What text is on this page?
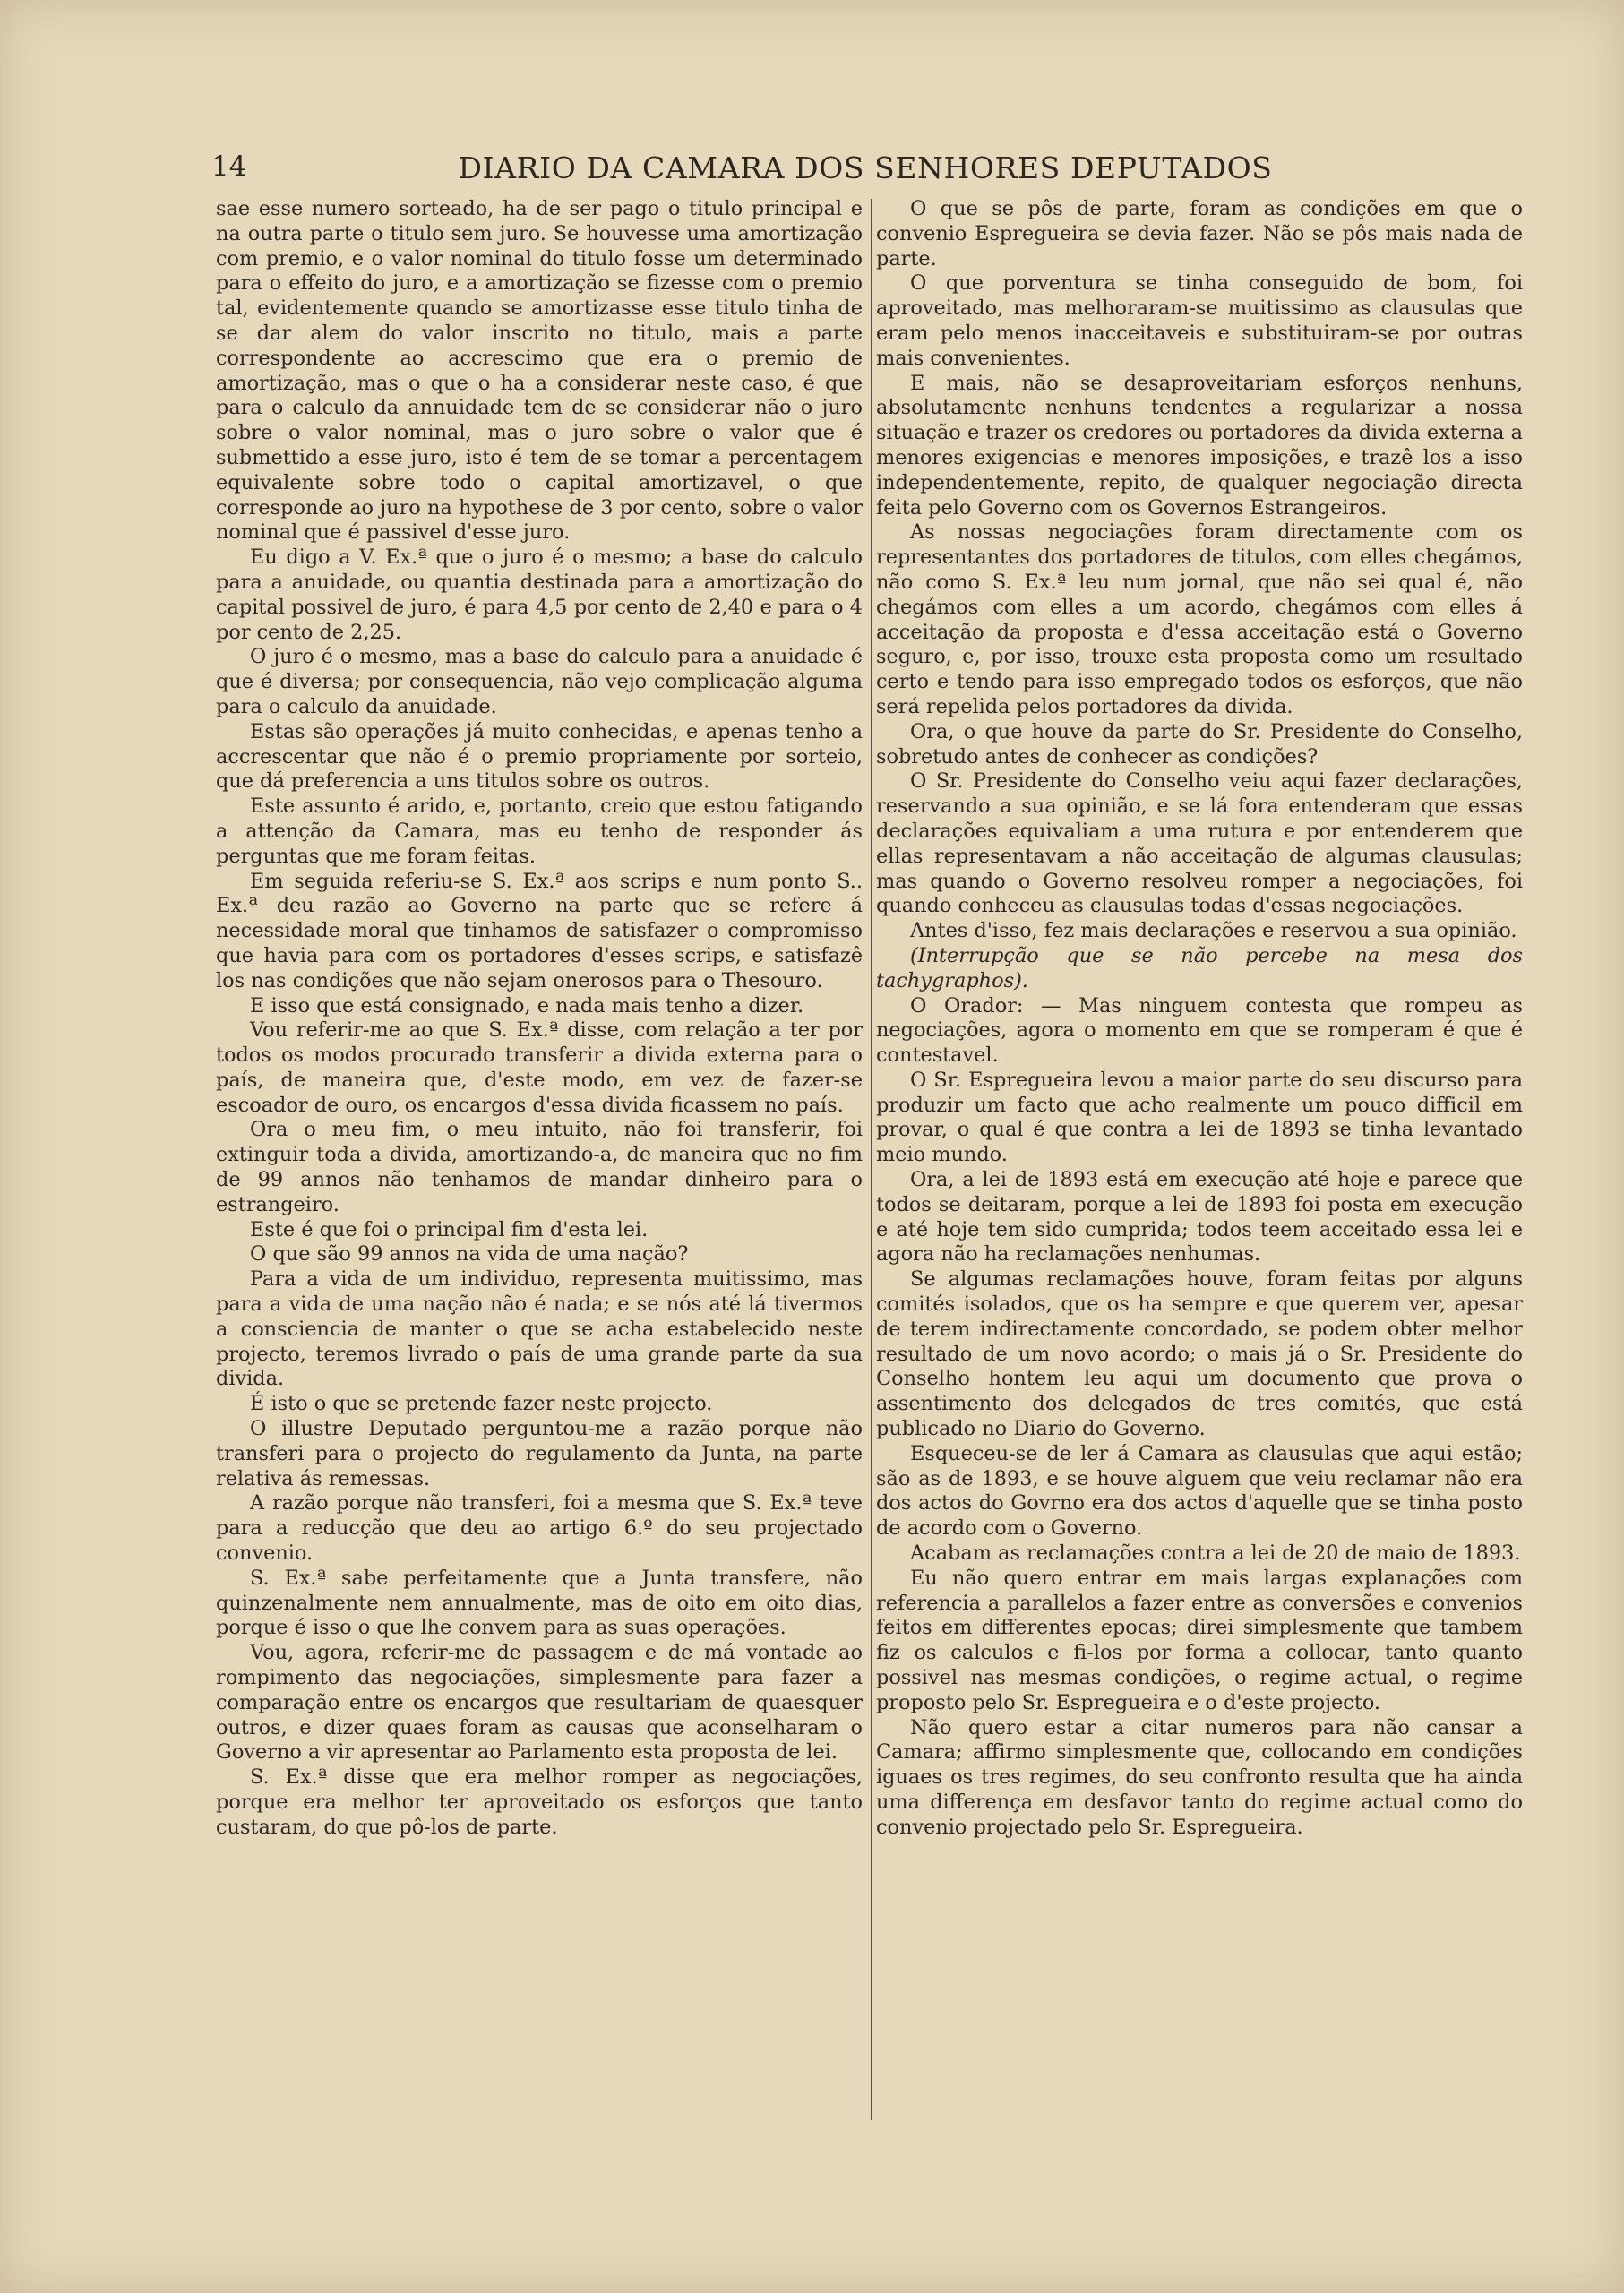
14	DIARIO DA CAMARA DOS SENHORES DEPUTADOS

sae esse numero sorteado, ha de ser pago o titulo principal e na outra parte o titulo sem juro. Se houvesse uma amortização com premio, e o valor nominal do titulo fosse um determinado para o effeito do juro, e a amortização se fizesse com o premio tal, evidentemente quando se amortizasse esse titulo tinha de se dar alem do valor inscrito no titulo, mais a parte correspondente ao accrescimo que era o premio de amortização, mas o que o ha a considerar neste caso, é que para o calculo da annuidade tem de se considerar não o juro sobre o valor nominal, mas o juro sobre o valor que é submettido a esse juro, isto é tem de se tomar a percentagem equivalente sobre todo o capital amortizavel, o que corresponde ao juro na hypothese de 3 por cento, sobre o valor nominal que é passivel d'esse juro.

Eu digo a V. Ex.ª que o juro é o mesmo; a base do calculo para a anuidade, ou quantia destinada para a amortização do capital possivel de juro, é para 4,5 por cento de 2,40 e para o 4 por cento de 2,25.

O juro é o mesmo, mas a base do calculo para a anuidade é que é diversa; por consequencia, não vejo complicação alguma para o calculo da anuidade.

Estas são operações já muito conhecidas, e apenas tenho a accrescentar que não é o premio propriamente por sorteio, que dá preferencia a uns titulos sobre os outros.

Este assunto é arido, e, portanto, creio que estou fatigando a attenção da Camara, mas eu tenho de responder ás perguntas que me foram feitas.

Em seguida referiu-se S. Ex.ª aos scrips e num ponto S.. Ex.ª deu razão ao Governo na parte que se refere á necessidade moral que tinhamos de satisfazer o compromisso que havia para com os portadores d'esses scrips, e satisfazê los nas condições que não sejam onerosos para o Thesouro.

E isso que está consignado, e nada mais tenho a dizer.

Vou referir-me ao que S. Ex.ª disse, com relação a ter por todos os modos procurado transferir a divida externa para o país, de maneira que, d'este modo, em vez de fazer-se escoador de ouro, os encargos d'essa divida ficassem no país.

Ora o meu fim, o meu intuito, não foi transferir, foi extinguir toda a divida, amortizando-a, de maneira que no fim de 99 annos não tenhamos de mandar dinheiro para o estrangeiro.

Este é que foi o principal fim d'esta lei.

O que são 99 annos na vida de uma nação?

Para a vida de um individuo, representa muitissimo, mas para a vida de uma nação não é nada; e se nós até lá tivermos a consciencia de manter o que se acha estabelecido neste projecto, teremos livrado o país de uma grande parte da sua divida.

É isto o que se pretende fazer neste projecto.

O illustre Deputado perguntou-me a razão porque não transferi para o projecto do regulamento da Junta, na parte relativa ás remessas.

A razão porque não transferi, foi a mesma que S. Ex.ª teve para a reducção que deu ao artigo 6.º do seu projectado convenio.

S. Ex.ª sabe perfeitamente que a Junta transfere, não quinzenalmente nem annualmente, mas de oito em oito dias, porque é isso o que lhe convem para as suas operações.

Vou, agora, referir-me de passagem e de má vontade ao rompimento das negociações, simplesmente para fazer a comparação entre os encargos que resultariam de quaesquer outros, e dizer quaes foram as causas que aconselharam o Governo a vir apresentar ao Parlamento esta proposta de lei.

S. Ex.ª disse que era melhor romper as negociações, porque era melhor ter aproveitado os esforços que tanto custaram, do que pô-los de parte.

O que se pôs de parte, foram as condições em que o convenio Espregueira se devia fazer. Não se pôs mais nada de parte.

O que porventura se tinha conseguido de bom, foi aproveitado, mas melhoraram-se muitissimo as clausulas que eram pelo menos inacceitaveis e substituiram-se por outras mais convenientes.

E mais, não se desaproveitariam esforços nenhuns, absolutamente nenhuns tendentes a regularizar a nossa situação e trazer os credores ou portadores da divida externa a menores exigencias e menores imposições, e trazê los a isso independentemente, repito, de qualquer negociação directa feita pelo Governo com os Governos Estrangeiros.

As nossas negociações foram directamente com os representantes dos portadores de titulos, com elles chegámos, não como S. Ex.ª leu num jornal, que não sei qual é, não chegámos com elles a um acordo, chegámos com elles á acceitação da proposta e d'essa acceitação está o Governo seguro, e, por isso, trouxe esta proposta como um resultado certo e tendo para isso empregado todos os esforços, que não será repelida pelos portadores da divida.

Ora, o que houve da parte do Sr. Presidente do Conselho, sobretudo antes de conhecer as condições?

O Sr. Presidente do Conselho veiu aqui fazer declarações, reservando a sua opinião, e se lá fora entenderam que essas declarações equivaliam a uma rutura e por entenderem que ellas representavam a não acceitação de algumas clausulas; mas quando o Governo resolveu romper a negociações, foi quando conheceu as clausulas todas d'essas negociações.

Antes d'isso, fez mais declarações e reservou a sua opinião.

(Interrupção que se não percebe na mesa dos tachygraphos).

O Orador: — Mas ninguem contesta que rompeu as negociações, agora o momento em que se romperam é que é contestavel.

O Sr. Espregueira levou a maior parte do seu discurso para produzir um facto que acho realmente um pouco difficil em provar, o qual é que contra a lei de 1893 se tinha levantado meio mundo.

Ora, a lei de 1893 está em execução até hoje e parece que todos se deitaram, porque a lei de 1893 foi posta em execução e até hoje tem sido cumprida; todos teem acceitado essa lei e agora não ha reclamações nenhumas.

Se algumas reclamações houve, foram feitas por alguns comités isolados, que os ha sempre e que querem ver, apesar de terem indirectamente concordado, se podem obter melhor resultado de um novo acordo; o mais já o Sr. Presidente do Conselho hontem leu aqui um documento que prova o assentimento dos delegados de tres comités, que está publicado no Diario do Governo.

Esqueceu-se de ler á Camara as clausulas que aqui estão; são as de 1893, e se houve alguem que veiu reclamar não era dos actos do Govrno era dos actos d'aquelle que se tinha posto de acordo com o Governo.

Acabam as reclamações contra a lei de 20 de maio de 1893.

Eu não quero entrar em mais largas explanações com referencia a parallelos a fazer entre as conversões e convenios feitos em differentes epocas; direi simplesmente que tambem fiz os calculos e fi-los por forma a collocar, tanto quanto possivel nas mesmas condições, o regime actual, o regime proposto pelo Sr. Espregueira e o d'este projecto.

Não quero estar a citar numeros para não cansar a Camara; affirmo simplesmente que, collocando em condições iguaes os tres regimes, do seu confronto resulta que ha ainda uma differença em desfavor tanto do regime actual como do convenio projectado pelo Sr. Espregueira.
